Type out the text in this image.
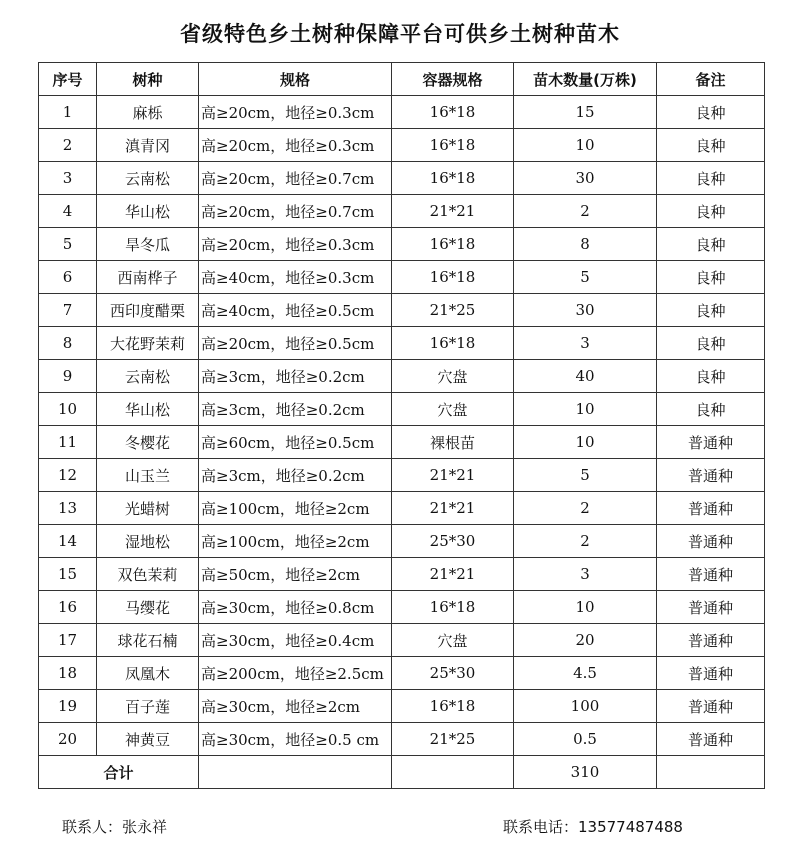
省级特色乡土树种保障平台可供乡土树种苗木
序号	树种	规格	容器规格	苗木数量(万株)	备注
1	麻栎	高≥20cm，地径≥0.3cm	16*18	15	良种
2	滇青冈	高≥20cm，地径≥0.3cm	16*18	10	良种
3	云南松	高≥20cm，地径≥0.7cm	16*18	30	良种
4	华山松	高≥20cm，地径≥0.7cm	21*21	2	良种
5	旱冬瓜	高≥20cm，地径≥0.3cm	16*18	8	良种
6	西南桦子	高≥40cm，地径≥0.3cm	16*18	5	良种
7	西印度醋栗	高≥40cm，地径≥0.5cm	21*25	30	良种
8	大花野茉莉	高≥20cm，地径≥0.5cm	16*18	3	良种
9	云南松	高≥3cm，地径≥0.2cm	穴盘	40	良种
10	华山松	高≥3cm，地径≥0.2cm	穴盘	10	良种
11	冬樱花	高≥60cm，地径≥0.5cm	裸根苗	10	普通种
12	山玉兰	高≥3cm，地径≥0.2cm	21*21	5	普通种
13	光蜡树	高≥100cm，地径≥2cm	21*21	2	普通种
14	湿地松	高≥100cm，地径≥2cm	25*30	2	普通种
15	双色茉莉	高≥50cm，地径≥2cm	21*21	3	普通种
16	马缨花	高≥30cm，地径≥0.8cm	16*18	10	普通种
17	球花石楠	高≥30cm，地径≥0.4cm	穴盘	20	普通种
18	凤凰木	高≥200cm，地径≥2.5cm	25*30	4.5	普通种
19	百子莲	高≥30cm，地径≥2cm	16*18	100	普通种
20	神黄豆	高≥30cm，地径≥0.5 cm	21*25	0.5	普通种
合计				310	
联系人：张永祥	联系电话：13577487488
